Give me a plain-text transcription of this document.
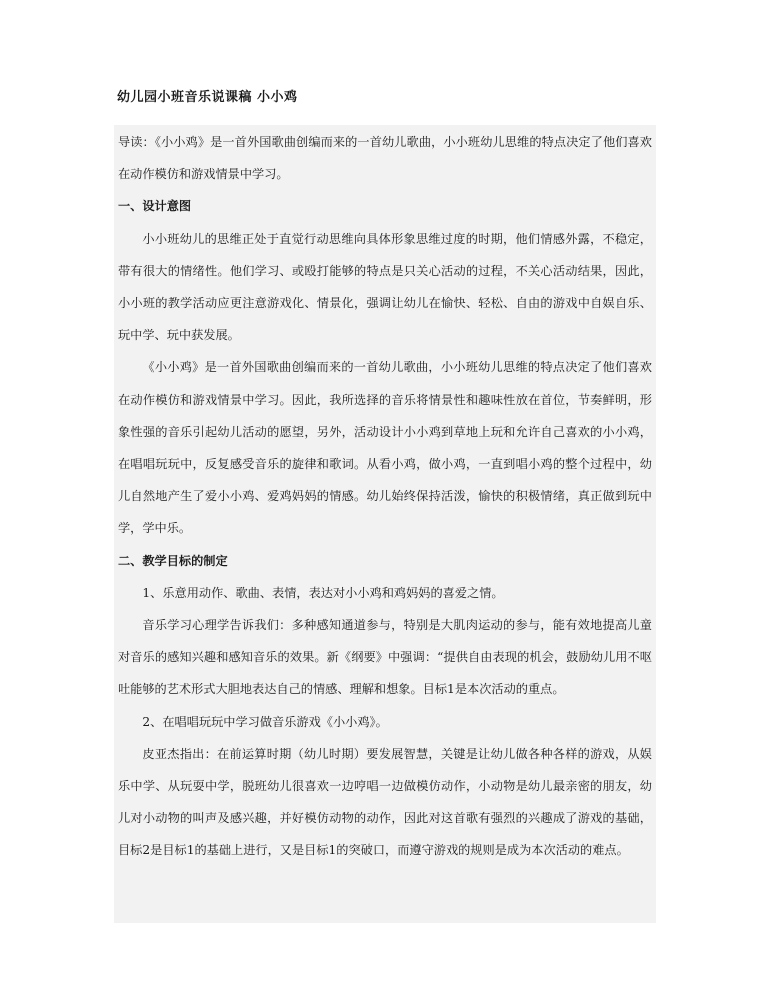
幼儿园小班音乐说课稿 小小鸡

导读：《小小鸡》是一首外国歌曲创编而来的一首幼儿歌曲，小小班幼儿思维的特点决定了他们喜欢在动作模仿和游戏情景中学习。

一、设计意图

小小班幼儿的思维正处于直觉行动思维向具体形象思维过度的时期，他们情感外露，不稳定，带有很大的情绪性。他们学习、或殴打能够的特点是只关心活动的过程，不关心活动结果，因此，小小班的教学活动应更注意游戏化、情景化，强调让幼儿在愉快、轻松、自由的游戏中自娱自乐、玩中学、玩中获发展。

《小小鸡》是一首外国歌曲创编而来的一首幼儿歌曲，小小班幼儿思维的特点决定了他们喜欢在动作模仿和游戏情景中学习。因此，我所选择的音乐将情景性和趣味性放在首位，节奏鲜明，形象性强的音乐引起幼儿活动的愿望，另外，活动设计小小鸡到草地上玩和允许自己喜欢的小小鸡，在唱唱玩玩中，反复感受音乐的旋律和歌词。从看小鸡，做小鸡，一直到唱小鸡的整个过程中，幼儿自然地产生了爱小小鸡、爱鸡妈妈的情感。幼儿始终保持活泼，愉快的积极情绪，真正做到玩中学，学中乐。

二、教学目标的制定

1、乐意用动作、歌曲、表情，表达对小小鸡和鸡妈妈的喜爱之情。

音乐学习心理学告诉我们：多种感知通道参与，特别是大肌肉运动的参与，能有效地提高儿童对音乐的感知兴趣和感知音乐的效果。新《纲要》中强调：“提供自由表现的机会，鼓励幼儿用不呕吐能够的艺术形式大胆地表达自己的情感、理解和想象。目标1是本次活动的重点。

2、在唱唱玩玩中学习做音乐游戏《小小鸡》。

皮亚杰指出：在前运算时期（幼儿时期）要发展智慧，关键是让幼儿做各种各样的游戏，从娱乐中学、从玩耍中学，脱班幼儿很喜欢一边哼唱一边做模仿动作，小动物是幼儿最亲密的朋友，幼儿对小动物的叫声及感兴趣，并好模仿动物的动作，因此对这首歌有强烈的兴趣成了游戏的基础，目标2是目标1的基础上进行，又是目标1的突破口，而遵守游戏的规则是成为本次活动的难点。
